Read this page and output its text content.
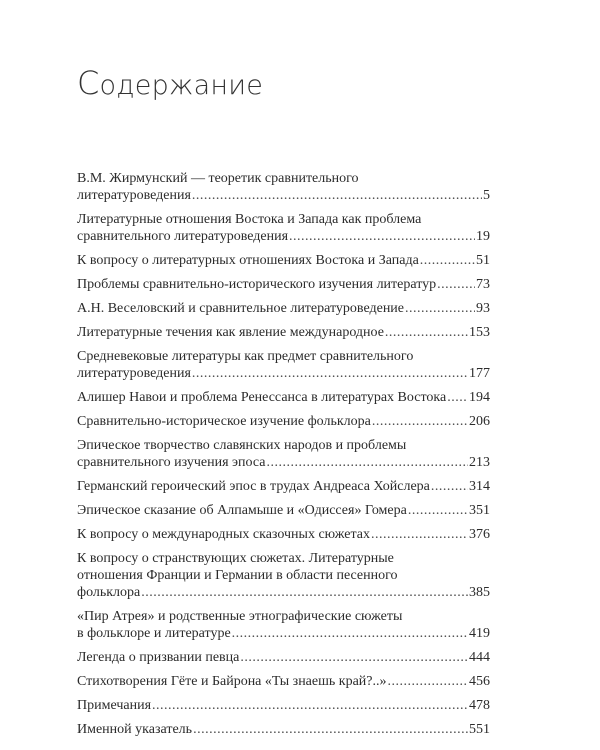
Содержание
В.М. Жирмунский — теоретик сравнительного
литературоведения .....	5
Литературные отношения Востока и Запада как проблема
сравнительного литературоведения .....	19
К вопросу о литературных отношениях Востока и Запада .....	51
Проблемы сравнительно-исторического изучения литератур .....	73
А.Н. Веселовский и сравнительное литературоведение .....	93
Литературные течения как явление международное .....	153
Средневековые литературы как предмет сравнительного
литературоведения .....	177
Алишер Навои и проблема Ренессанса в литературах Востока ..... 194
Сравнительно-историческое изучение фольклора .....	206
Эпическое творчество славянских народов и проблемы
сравнительного изучения эпоса .....	213
Германский героический эпос в трудах Андреаса Хойслера .....	314
Эпическое сказание об Алпамыше и «Одиссея» Гомера .....	351
К вопросу о международных сказочных сюжетах .....	376
К вопросу о странствующих сюжетах. Литературные
отношения Франции и Германии в области песенного
фольклора .....	385
«Пир Атрея» и родственные этнографические сюжеты
в фольклоре и литературе .....	419
Легенда о призвании певца .....	444
Стихотворения Гёте и Байрона «Ты знаешь край?..» .....	456
Примечания .....	478
Именной указатель .....	551
